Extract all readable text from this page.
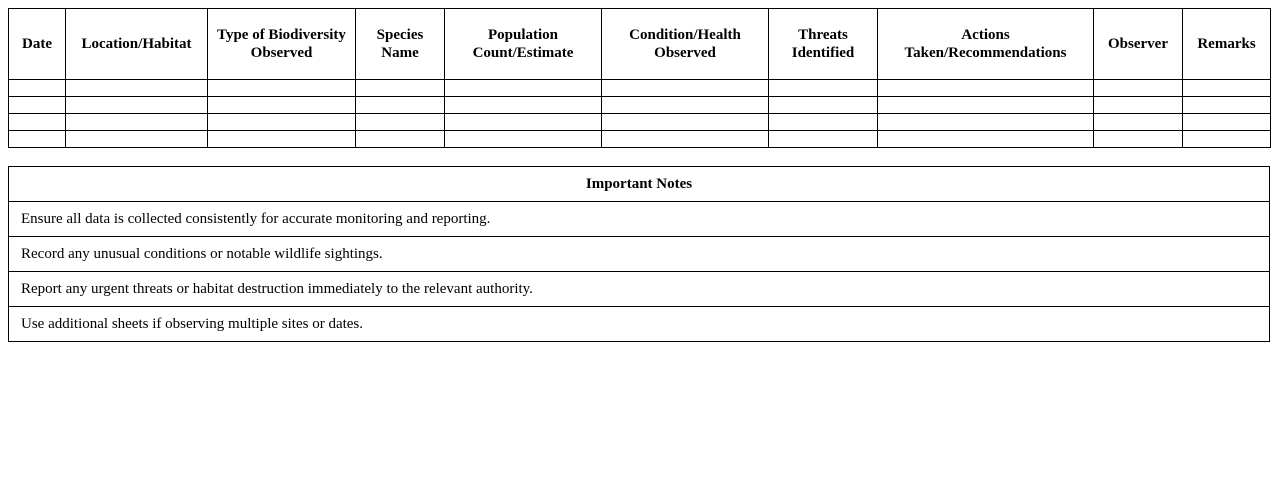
Date	Location/Habitat	Type of Biodiversity Observed	Species Name	Population Count/Estimate	Condition/Health Observed	Threats Identified	Actions Taken/Recommendations	Observer	Remarks

Important Notes
Ensure all data is collected consistently for accurate monitoring and reporting.
Record any unusual conditions or notable wildlife sightings.
Report any urgent threats or habitat destruction immediately to the relevant authority.
Use additional sheets if observing multiple sites or dates.
